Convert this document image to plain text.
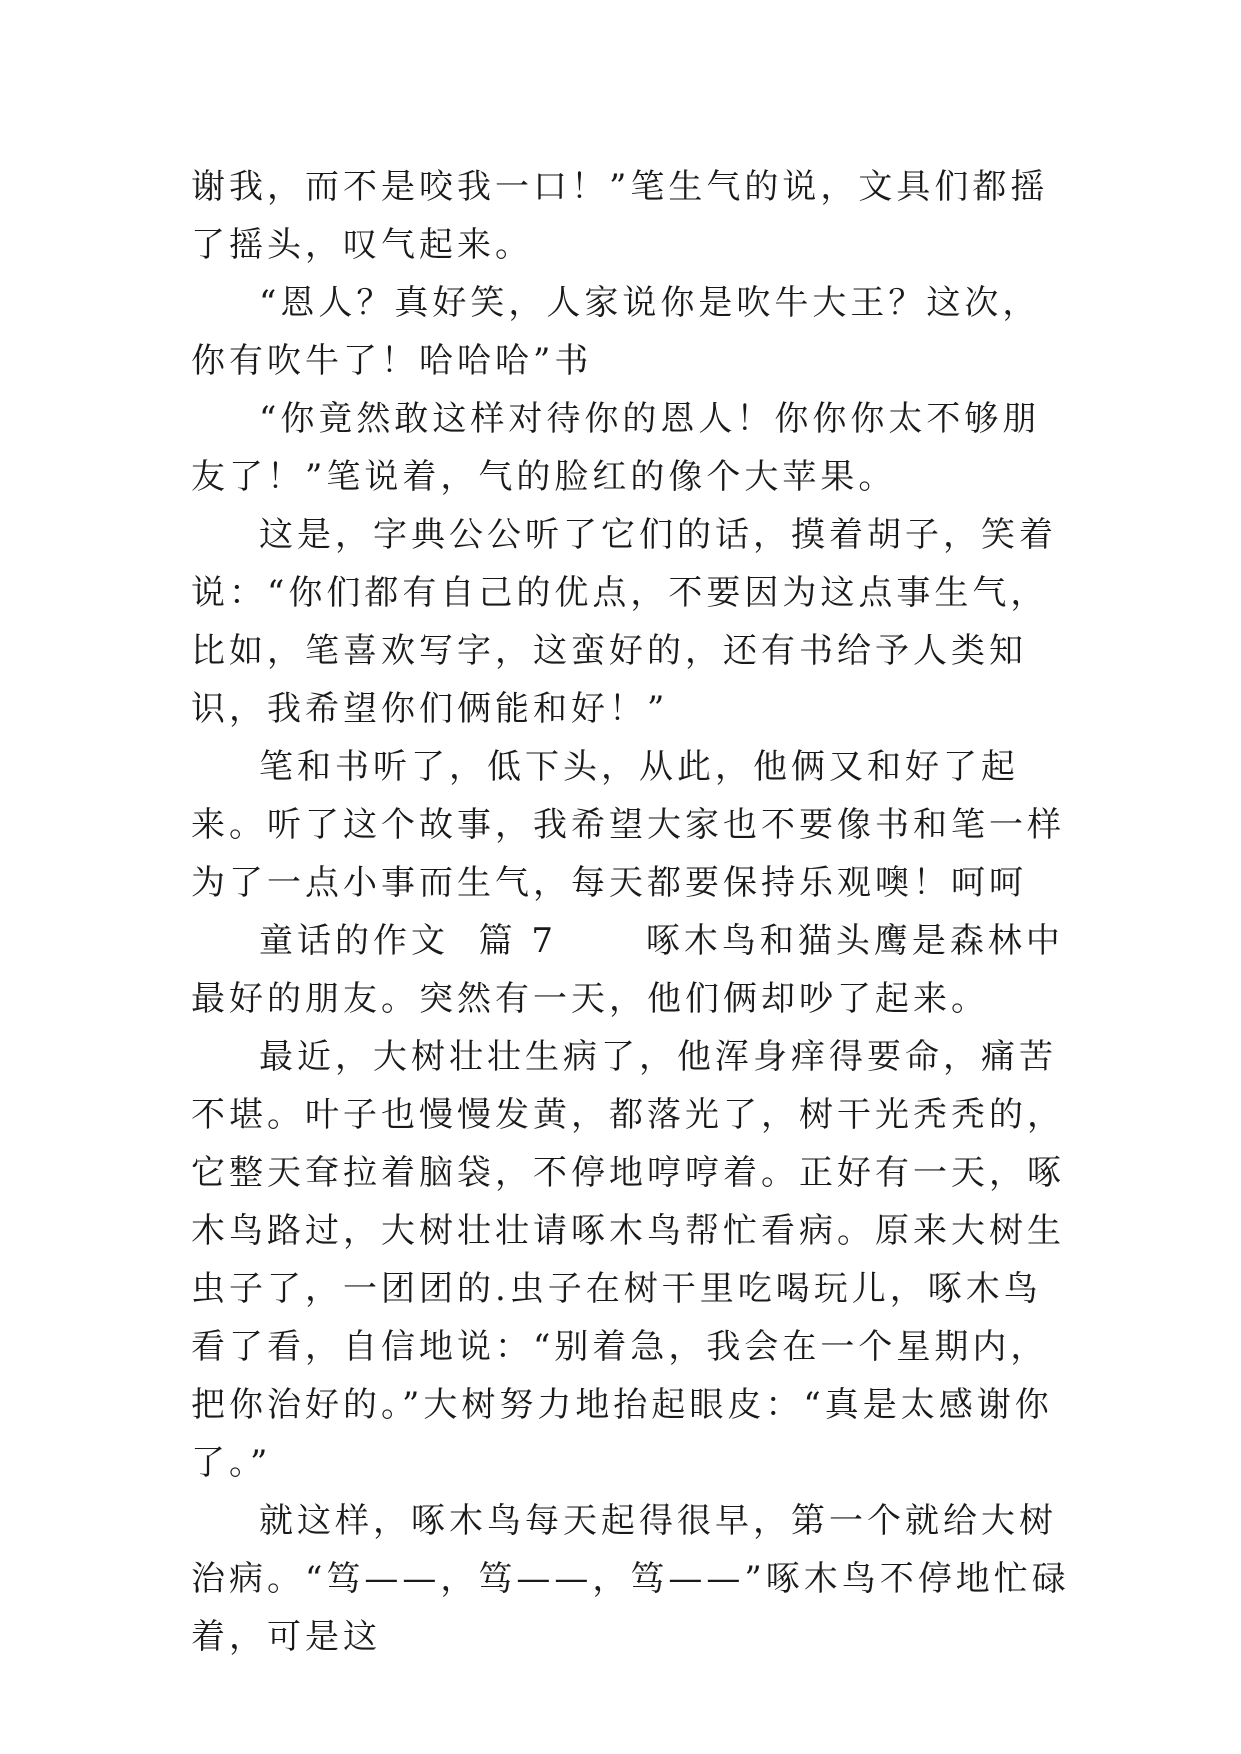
谢我，而不是咬我一口！”笔生气的说，文具们都摇了摇头，叹气起来。

“恩人？真好笑，人家说你是吹牛大王？这次，你有吹牛了！哈哈哈”书

“你竟然敢这样对待你的恩人！你你你太不够朋友了！”笔说着，气的脸红的像个大苹果。

这是，字典公公听了它们的话，摸着胡子，笑着说：“你们都有自己的优点，不要因为这点事生气，比如，笔喜欢写字，这蛮好的，还有书给予人类知识，我希望你们俩能和好！”

笔和书听了，低下头，从此，他俩又和好了起来。听了这个故事，我希望大家也不要像书和笔一样为了一点小事而生气，每天都要保持乐观噢！呵呵

童话的作文  篇 7      啄木鸟和猫头鹰是森林中最好的朋友。突然有一天，他们俩却吵了起来。

最近，大树壮壮生病了，他浑身痒得要命，痛苦不堪。叶子也慢慢发黄，都落光了，树干光秃秃的，它整天耷拉着脑袋，不停地哼哼着。正好有一天，啄木鸟路过，大树壮壮请啄木鸟帮忙看病。原来大树生虫子了，一团团的.虫子在树干里吃喝玩儿，啄木鸟看了看，自信地说：“别着急，我会在一个星期内，把你治好的。”大树努力地抬起眼皮：“真是太感谢你了。”

就这样，啄木鸟每天起得很早，第一个就给大树治病。“笃——，笃——，笃——”啄木鸟不停地忙碌着，可是这
